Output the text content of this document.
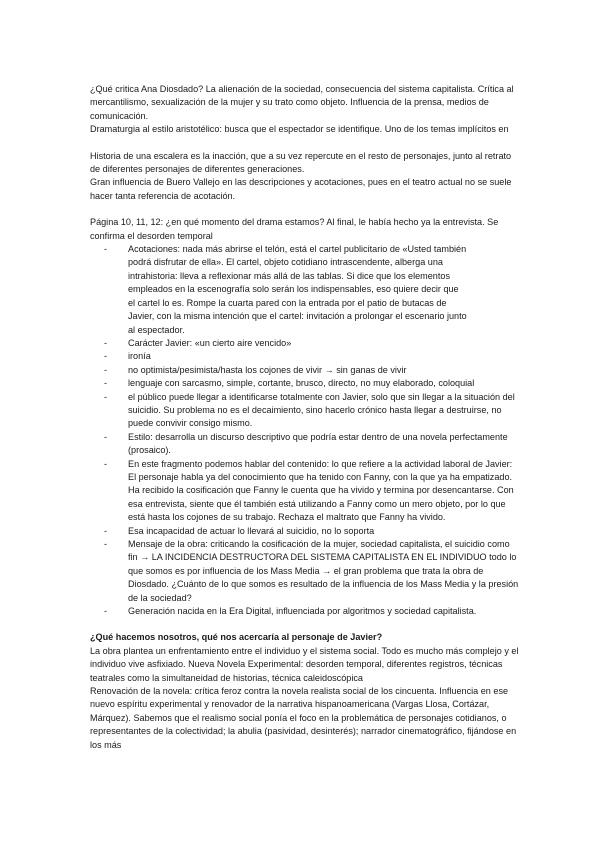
¿Qué critica Ana Diosdado? La alienación de la sociedad, consecuencia del sistema capitalista. Crítica al mercantilismo, sexualización de la mujer y su trato como objeto. Influencia de la prensa, medios de comunicación.

Dramaturgia al estilo aristotélico: busca que el espectador se identifique. Uno de los temas implícitos en

Historia de una escalera es la inacción, que a su vez repercute en el resto de personajes, junto al retrato de diferentes personajes de diferentes generaciones.

Gran influencia de Buero Vallejo en las descripciones y acotaciones, pues en el teatro actual no se suele hacer tanta referencia de acotación.

Página 10, 11, 12: ¿en qué momento del drama estamos? Al final, le había hecho ya la entrevista. Se confirma el desorden temporal

- Acotaciones: nada más abrirse el telón, está el cartel publicitario de «Usted también podrá disfrutar de ella». El cartel, objeto cotidiano intrascendente, alberga una intrahistoria: lleva a reflexionar más allá de las tablas. Si dice que los elementos empleados en la escenografía solo serán los indispensables, eso quiere decir que el cartel lo es. Rompe la cuarta pared con la entrada por el patio de butacas de Javier, con la misma intención que el cartel: invitación a prolongar el escenario junto al espectador.

- Carácter Javier: «un cierto aire vencido»
- ironía
- no optimista/pesimista/hasta los cojones de vivir → sin ganas de vivir
- lenguaje con sarcasmo, simple, cortante, brusco, directo, no muy elaborado, coloquial
- el público puede llegar a identificarse totalmente con Javier, solo que sin llegar a la situación del suicidio. Su problema no es el decaimiento, sino hacerlo crónico hasta llegar a destruirse, no puede convivir consigo mismo.
- Estilo: desarrolla un discurso descriptivo que podría estar dentro de una novela perfectamente (prosaico).
- En este fragmento podemos hablar del contenido: lo que refiere a la actividad laboral de Javier: El personaje habla ya del conocimiento que ha tenido con Fanny, con la que ya ha empatizado. Ha recibido la cosificación que Fanny le cuenta que ha vivido y termina por desencantarse. Con esa entrevista, siente que él también está utilizando a Fanny como un mero objeto, por lo que está hasta los cojones de su trabajo. Rechaza el maltrato que Fanny ha vivido.
- Esa incapacidad de actuar lo llevará al suicidio, no lo soporta
- Mensaje de la obra: criticando la cosificación de la mujer, sociedad capitalista, el suicidio como fin → LA INCIDENCIA DESTRUCTORA DEL SISTEMA CAPITALISTA EN EL INDIVIDUO todo lo que somos es por influencia de los Mass Media → el gran problema que trata la obra de Diosdado. ¿Cuánto de lo que somos es resultado de la influencia de los Mass Media y la presión de la sociedad?
- Generación nacida en la Era Digital, influenciada por algoritmos y sociedad capitalista.
¿Qué hacemos nosotros, qué nos acercaría al personaje de Javier?

La obra plantea un enfrentamiento entre el individuo y el sistema social. Todo es mucho más complejo y el individuo vive asfixiado. Nueva Novela Experimental: desorden temporal, diferentes registros, técnicas teatrales como la simultaneidad de historias, técnica caleidoscópica

Renovación de la novela: crítica feroz contra la novela realista social de los cincuenta. Influencia en ese nuevo espíritu experimental y renovador de la narrativa hispanoamericana (Vargas Llosa, Cortázar, Márquez). Sabemos que el realismo social ponía el foco en la problemática de personajes cotidianos, o representantes de la colectividad; la abulia (pasividad, desinterés); narrador cinematográfico, fijándose en los más
